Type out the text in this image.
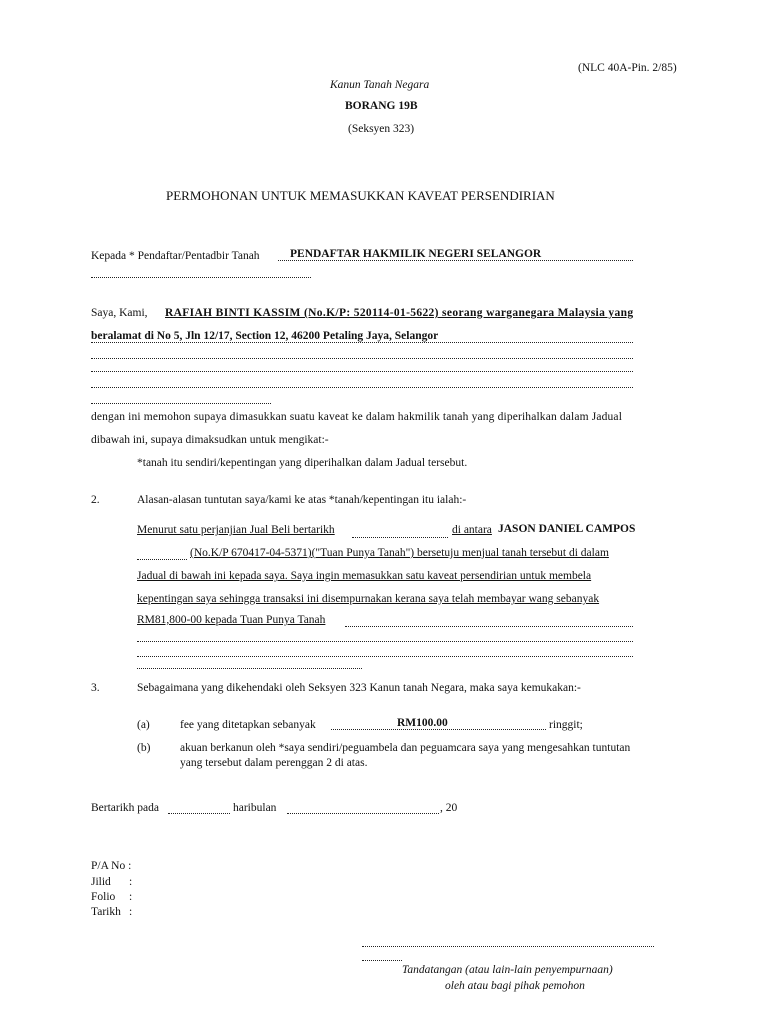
(NLC 40A-Pin. 2/85)
Kanun Tanah Negara
BORANG 19B
(Seksyen 323)
PERMOHONAN UNTUK MEMASUKKAN KAVEAT PERSENDIRIAN
Kepada * Pendaftar/Pentadbir Tanah	PENDAFTAR HAKMILIK NEGERI SELANGOR
Saya, Kami, RAFIAH BINTI KASSIM (No.K/P: 520114-01-5622) seorang warganegara Malaysia yang
beralamat di No 5, Jln 12/17, Section 12, 46200 Petaling Jaya, Selangor
dengan ini memohon supaya dimasukkan suatu kaveat ke dalam hakmilik tanah yang diperihalkan dalam Jadual
dibawah ini, supaya dimaksudkan untuk mengikat:-
*tanah itu sendiri/kepentingan yang diperihalkan dalam Jadual tersebut.
2.	Alasan-alasan tuntutan saya/kami ke atas *tanah/kepentingan itu ialah:-
Menurut satu perjanjian Jual Beli bertarikh	di antara JASON DANIEL CAMPOS
(No.K/P 670417-04-5371)("Tuan Punya Tanah") bersetuju menjual tanah tersebut di dalam
Jadual di bawah ini kepada saya. Saya ingin memasukkan satu kaveat persendirian untuk membela
kepentingan saya sehingga transaksi ini disempurnakan kerana saya telah membayar wang sebanyak
RM81,800-00 kepada Tuan Punya Tanah
3.	Sebagaimana yang dikehendaki oleh Seksyen 323 Kanun tanah Negara, maka saya kemukakan:-
(a)	fee yang ditetapkan sebanyak	RM100.00	ringgit;
(b)	akuan berkanun oleh *saya sendiri/peguambela dan peguamcara saya yang mengesahkan tuntutan
yang tersebut dalam perenggan 2 di atas.
Bertarikh pada	haribulan	, 20
P/A No :
Jilid :
Folio :
Tarikh :
Tandatangan (atau lain-lain penyempurnaan)
oleh atau bagi pihak pemohon
